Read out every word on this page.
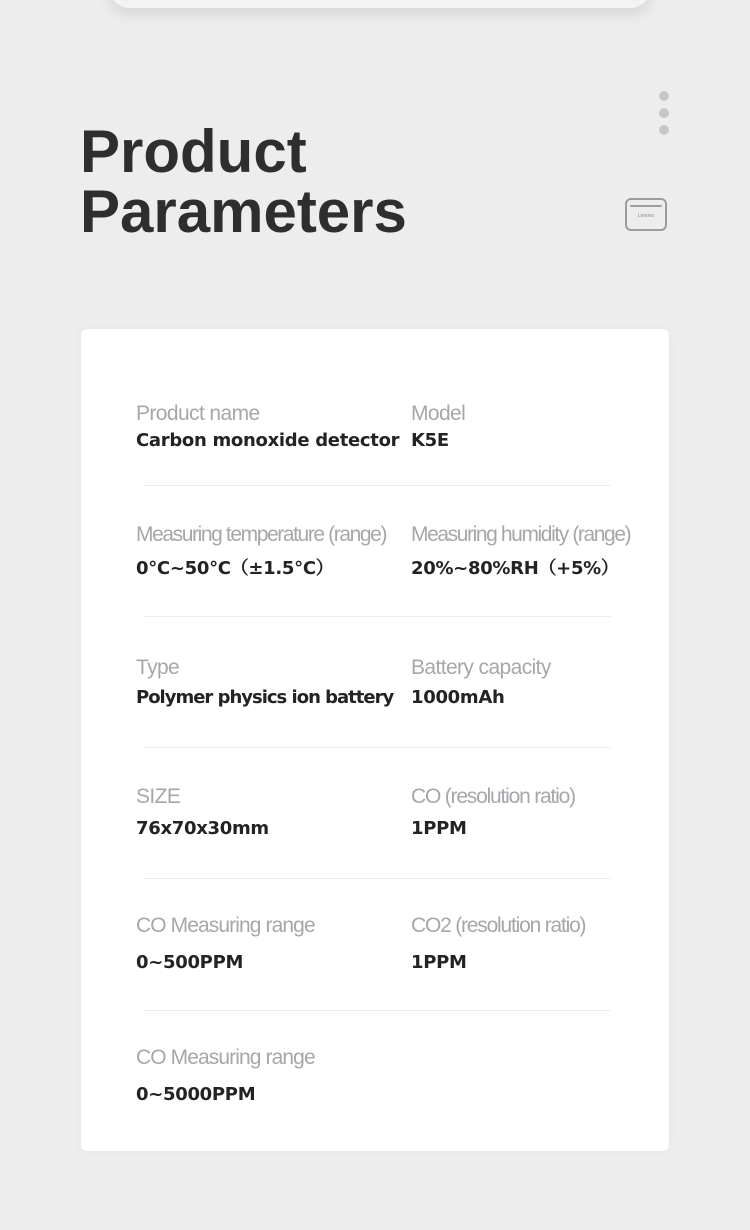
Product
Parameters	Lenovo
Product name
Carbon monoxide detector
Model
K5E
Measuring temperature (range)
0°C~50°C（±1.5°C）
Measuring humidity (range)
20%~80%RH（+5%）
Type
Polymer physics ion battery
Battery capacity
1000mAh
SIZE
76x70x30mm
CO (resolution ratio)
1PPM
CO Measuring range
0~500PPM
CO2 (resolution ratio)
1PPM
CO Measuring range
0~5000PPM
